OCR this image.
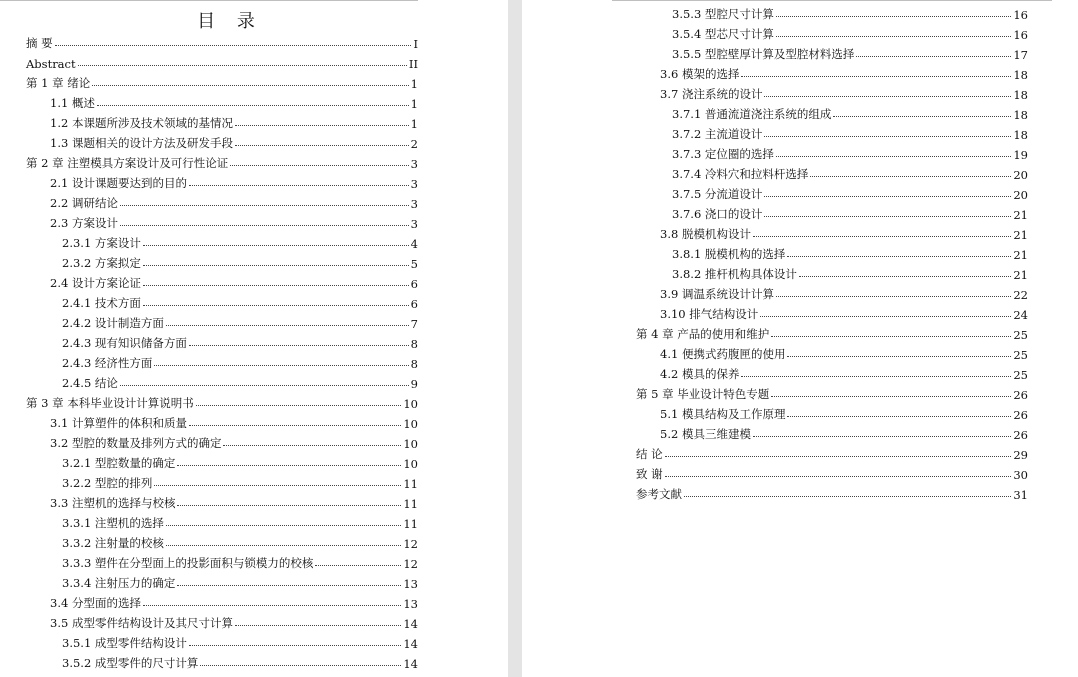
目 录
摘 要	I
Abstract	II
第 1 章 绪论	1
1.1 概述	1
1.2 本课题所涉及技术领域的基情况	1
1.3 课题相关的设计方法及研发手段	2
第 2 章 注塑模具方案设计及可行性论证	3
2.1 设计课题要达到的目的	3
2.2 调研结论	3
2.3 方案设计	3
2.3.1 方案设计	4
2.3.2 方案拟定	5
2.4 设计方案论证	6
2.4.1 技术方面	6
2.4.2 设计制造方面	7
2.4.3 现有知识储备方面	8
2.4.3 经济性方面	8
2.4.5 结论	9
第 3 章 本科毕业设计计算说明书	10
3.1 计算塑件的体积和质量	10
3.2 型腔的数量及排列方式的确定	10
3.2.1 型腔数量的确定	10
3.2.2 型腔的排列	11
3.3 注塑机的选择与校核	11
3.3.1 注塑机的选择	11
3.3.2 注射量的校核	12
3.3.3 塑件在分型面上的投影面积与锁模力的校核	12
3.3.4 注射压力的确定	13
3.4 分型面的选择	13
3.5 成型零件结构设计及其尺寸计算	14
3.5.1 成型零件结构设计	14
3.5.2 成型零件的尺寸计算	14
3.5.3 型腔尺寸计算	16
3.5.4 型芯尺寸计算	16
3.5.5 型腔壁厚计算及型腔材料选择	17
3.6 模架的选择	18
3.7 浇注系统的设计	18
3.7.1 普通流道浇注系统的组成	18
3.7.2 主流道设计	18
3.7.3 定位圈的选择	19
3.7.4 冷料穴和拉料杆选择	20
3.7.5 分流道设计	20
3.7.6 浇口的设计	21
3.8 脱模机构设计	21
3.8.1 脱模机构的选择	21
3.8.2 推杆机构具体设计	21
3.9 调温系统设计计算	22
3.10 排气结构设计	24
第 4 章 产品的使用和维护	25
4.1 便携式药腹匣的使用	25
4.2 模具的保养	25
第 5 章 毕业设计特色专题	26
5.1 模具结构及工作原理	26
5.2 模具三维建模	26
结 论	29
致 谢	30
参考文献	31
